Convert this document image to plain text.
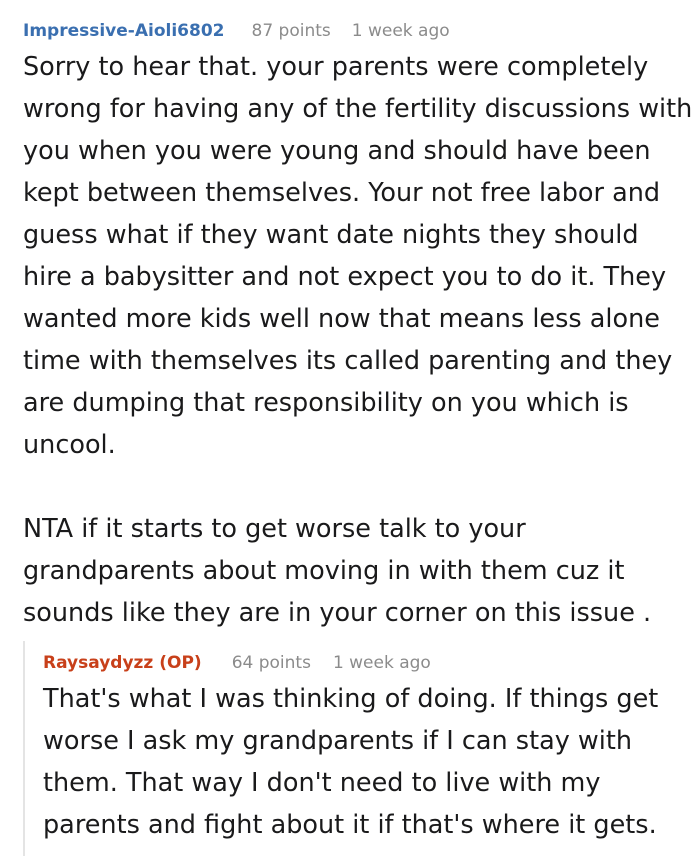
Impressive-Aioli6802 87 points 1 week ago

Sorry to hear that. your parents were completely wrong for having any of the fertility discussions with you when you were young and should have been kept between themselves. Your not free labor and guess what if they want date nights they should hire a babysitter and not expect you to do it. They wanted more kids well now that means less alone time with themselves its called parenting and they are dumping that responsibility on you which is uncool.

NTA if it starts to get worse talk to your grandparents about moving in with them cuz it sounds like they are in your corner on this issue .

Raysaydyzz (OP) 64 points 1 week ago

That's what I was thinking of doing. If things get worse I ask my grandparents if I can stay with them. That way I don't need to live with my parents and fight about it if that's where it gets.
